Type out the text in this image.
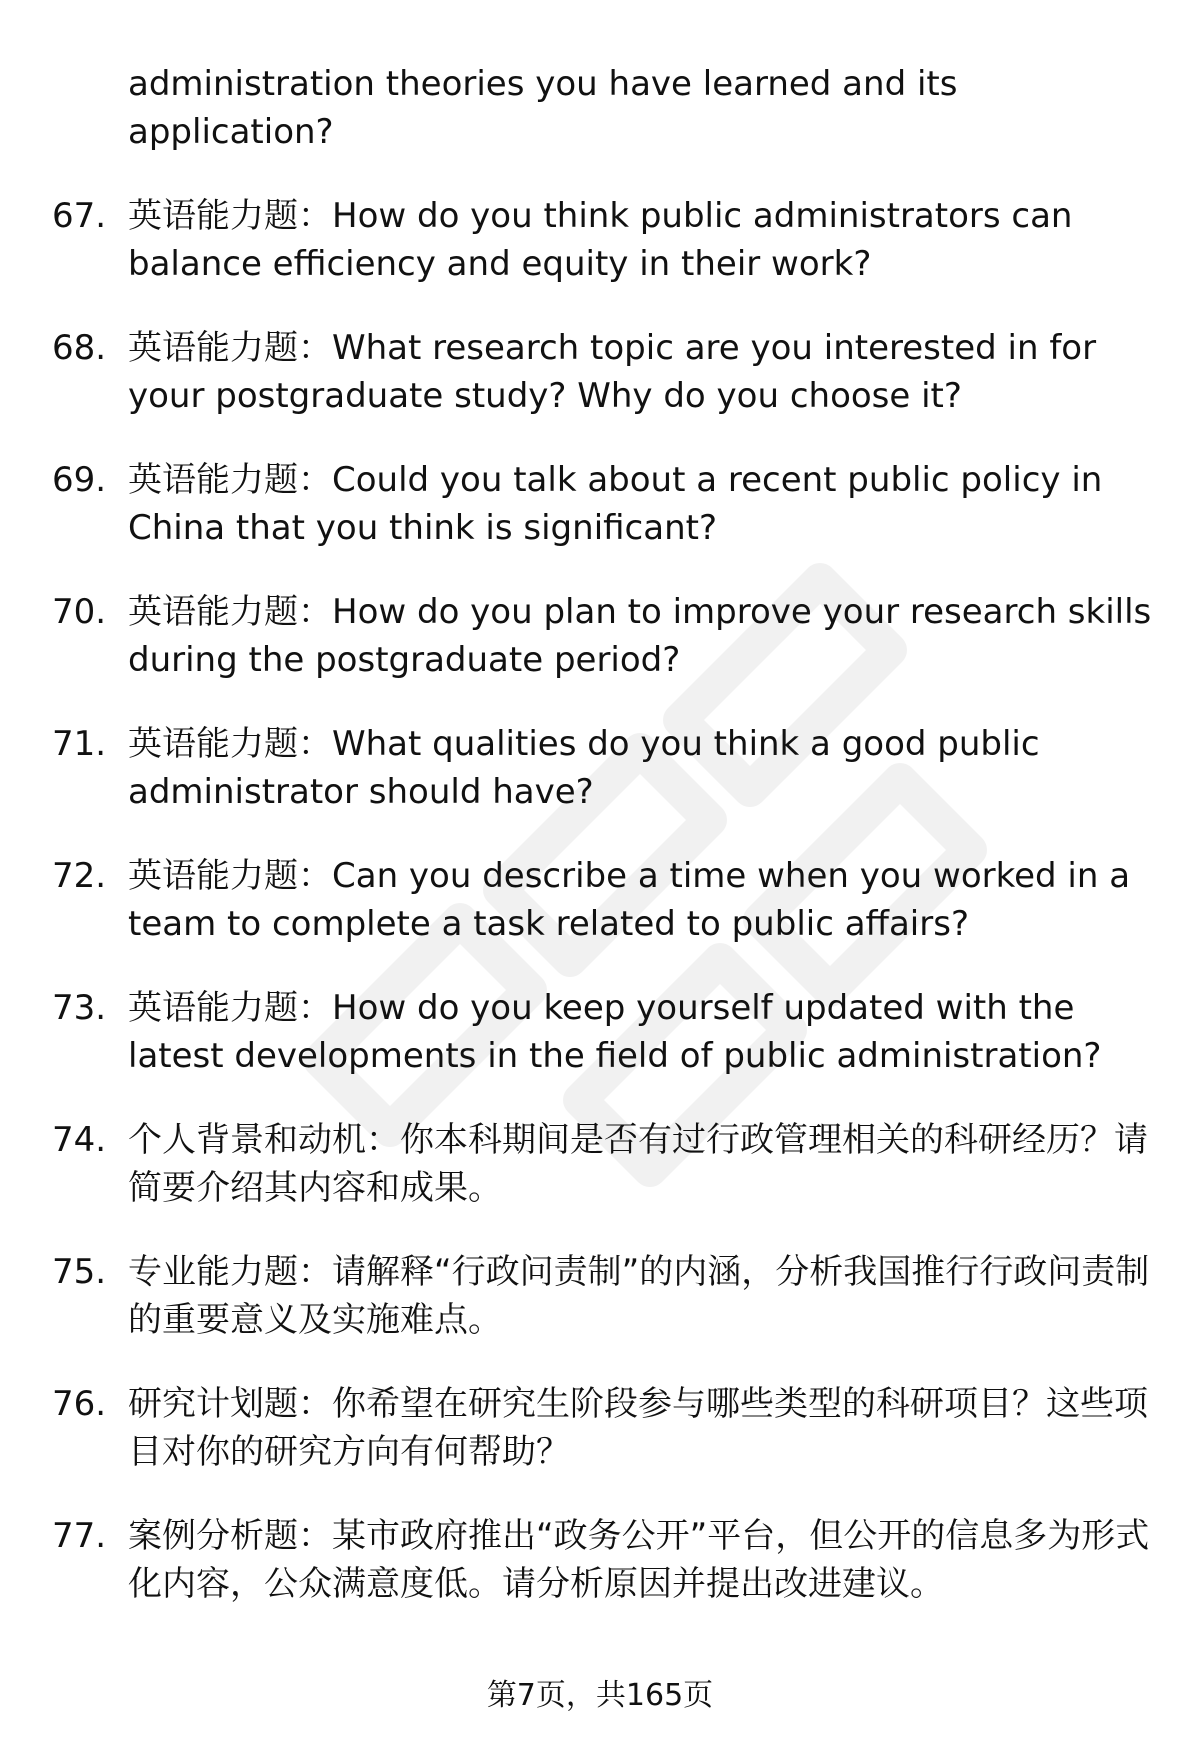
administration theories you have learned and its application?

67. 英语能力题：How do you think public administrators can balance efficiency and equity in their work?
68. 英语能力题：What research topic are you interested in for your postgraduate study? Why do you choose it?
69. 英语能力题：Could you talk about a recent public policy in China that you think is significant?
70. 英语能力题：How do you plan to improve your research skills during the postgraduate period?
71. 英语能力题：What qualities do you think a good public administrator should have?
72. 英语能力题：Can you describe a time when you worked in a team to complete a task related to public affairs?
73. 英语能力题：How do you keep yourself updated with the latest developments in the field of public administration?
74. 个人背景和动机：你本科期间是否有过行政管理相关的科研经历？请简要介绍其内容和成果。
75. 专业能力题：请解释“行政问责制”的内涵，分析我国推行行政问责制的重要意义及实施难点。
76. 研究计划题：你希望在研究生阶段参与哪些类型的科研项目？这些项目对你的研究方向有何帮助？
77. 案例分析题：某市政府推出“政务公开”平台，但公开的信息多为形式化内容，公众满意度低。请分析原因并提出改进建议。
第7页，共165页
